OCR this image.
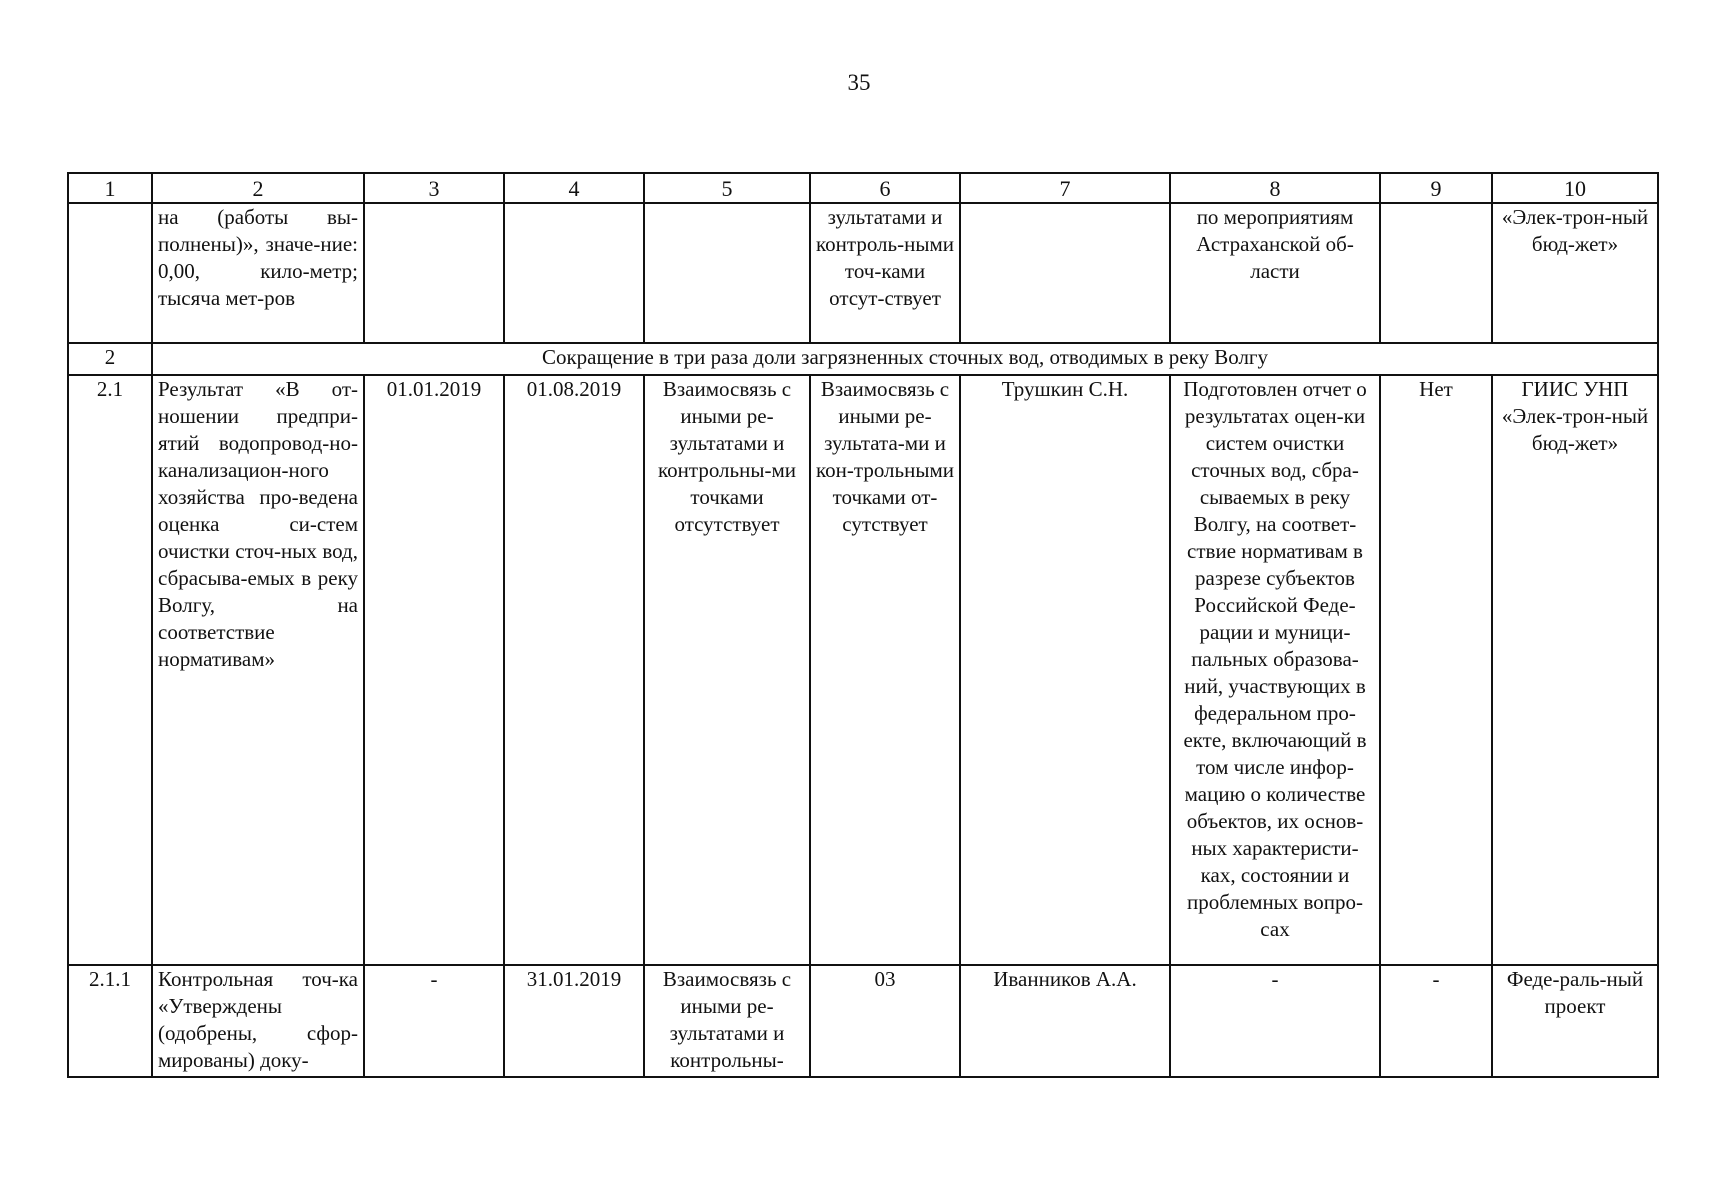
35
1	2	3	4	5	6	7	8	9	10
	на (работы вы-полнены)», значе-ние: 0,00, кило-метр; тысяча мет-ров				зультатами и контроль-ными точ-ками отсут-ствует		по мероприятиям Астраханской об-ласти		«Элек-трон-ный бюд-жет»
2	Сокращение в три раза доли загрязненных сточных вод, отводимых в реку Волгу								
2.1	Результат «В от-ношении предпри-ятий водопровод-но-канализацион-ного хозяйства про-ведена оценка си-стем очистки сточ-ных вод, сбрасыва-емых в реку Волгу, на соответствие нормативам»	01.01.2019	01.08.2019	Взаимосвязь с иными ре-зультатами и контрольны-ми точками отсутствует	Взаимосвязь с иными ре-зультата-ми и кон-трольными точками от-сутствует	Трушкин С.Н.	Подготовлен отчет о результатах оцен-ки систем очистки сточных вод, сбра-сываемых в реку Волгу, на соответ-ствие нормативам в разрезе субъектов Российской Феде-рации и муници-пальных образова-ний, участвующих в федеральном про-екте, включающий в том числе инфор-мацию о количестве объектов, их основ-ных характеристи-ках, состоянии и проблемных вопро-сах	Нет	ГИИС УНП «Элек-трон-ный бюд-жет»
2.1.1	Контрольная точ-ка «Утверждены (одобрены, сфор-мированы) доку-	-	31.01.2019	Взаимосвязь с иными ре-зультатами и контрольны-	03	Иванников А.А.	-	-	Феде-раль-ный проект
